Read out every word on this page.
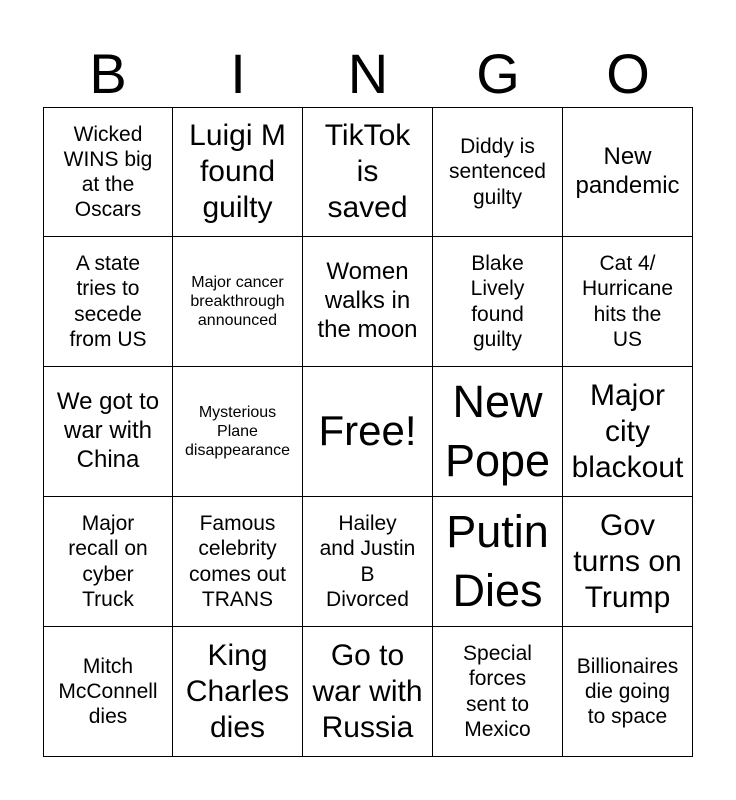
B	I	N	G	O
Wicked
WINS big
at the
Oscars
Luigi M
found
guilty
TikTok
is
saved
Diddy is
sentenced
guilty
New
pandemic
A state
tries to
secede
from US
Major cancer
breakthrough
announced
Women
walks in
the moon
Blake
Lively
found
guilty
Cat 4/
Hurricane
hits the
US
We got to
war with
China
Mysterious
Plane
disappearance Free!
New
Pope
Major
city
blackout
Major
recall on
cyber
Truck
Famous
celebrity
comes out
TRANS
Hailey
and Justin
B
Divorced
Putin
Dies
Gov
turns on
Trump
Mitch
McConnell
dies
King
Charles
dies
Go to
war with
Russia
Special
forces
sent to
Mexico
Billionaires
die going
to space
